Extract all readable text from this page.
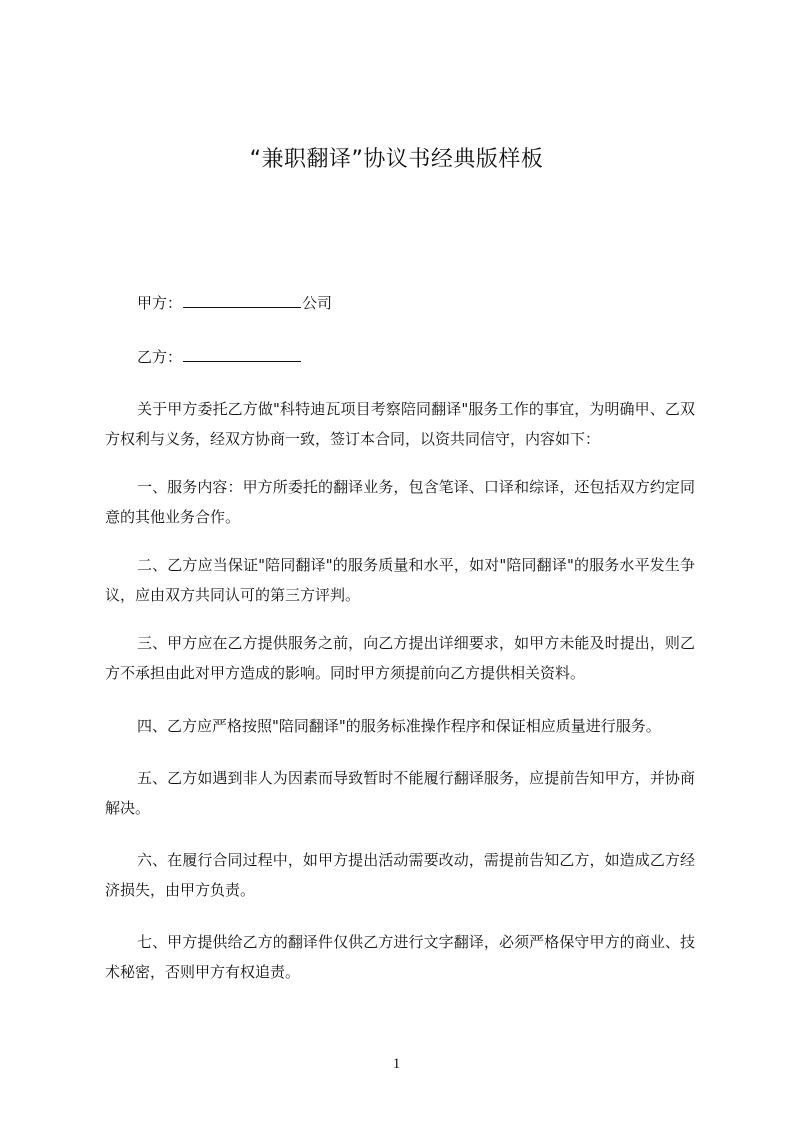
“兼职翻译”协议书经典版样板
甲方：	公司
乙方：

关于甲方委托乙方做"科特迪瓦项目考察陪同翻译"服务工作的事宜，为明确甲、乙双方权利与义务，经双方协商一致，签订本合同，以资共同信守，内容如下：

一、服务内容：甲方所委托的翻译业务，包含笔译、口译和综译，还包括双方约定同意的其他业务合作。

二、乙方应当保证"陪同翻译"的服务质量和水平，如对"陪同翻译"的服务水平发生争议，应由双方共同认可的第三方评判。

三、甲方应在乙方提供服务之前，向乙方提出详细要求，如甲方未能及时提出，则乙方不承担由此对甲方造成的影响。同时甲方须提前向乙方提供相关资料。

四、乙方应严格按照"陪同翻译"的服务标准操作程序和保证相应质量进行服务。

五、乙方如遇到非人为因素而导致暂时不能履行翻译服务，应提前告知甲方，并协商解决。

六、在履行合同过程中，如甲方提出活动需要改动，需提前告知乙方，如造成乙方经济损失，由甲方负责。

七、甲方提供给乙方的翻译件仅供乙方进行文字翻译，必须严格保守甲方的商业、技术秘密，否则甲方有权追责。

1
